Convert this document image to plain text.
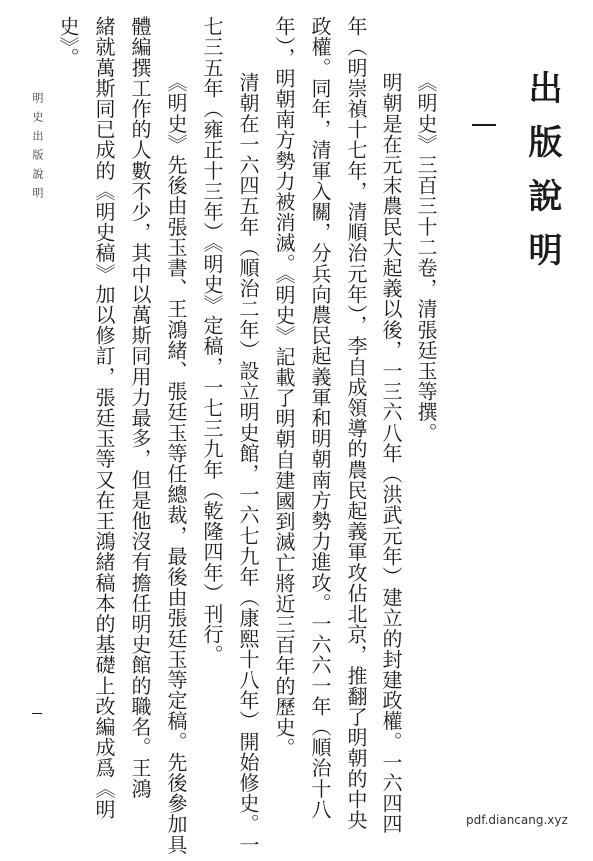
出版說明
《明史》三百三十二卷，清張廷玉等撰。
明朝是在元末農民大起義以後，一三六八年（洪武元年）建立的封建政權。一六四四
年（明崇禎十七年，清順治元年），李自成領導的農民起義軍攻佔北京，推翻了明朝的中央
政權。同年，清軍入關，分兵向農民起義軍和明朝南方勢力進攻。一六六一年（順治十八
年），明朝南方勢力被消滅。《明史》記載了明朝自建國到滅亡將近三百年的歷史。
清朝在一六四五年（順治二年）設立明史館，一六七九年（康熙十八年）開始修史。一
七三五年（雍正十三年）《明史》定稿，一七三九年（乾隆四年）刊行。
《明史》先後由張玉書、王鴻緒、張廷玉等任總裁，最後由張廷玉等定稿。先後參加具
體編撰工作的人數不少，其中以萬斯同用力最多，但是他沒有擔任明史館的職名。王鴻
緒就萬斯同已成的《明史稿》加以修訂，張廷玉等又在王鴻緒稿本的基礎上改編成爲《明
史》。
明史出版說明
pdf.diancang.xyz
